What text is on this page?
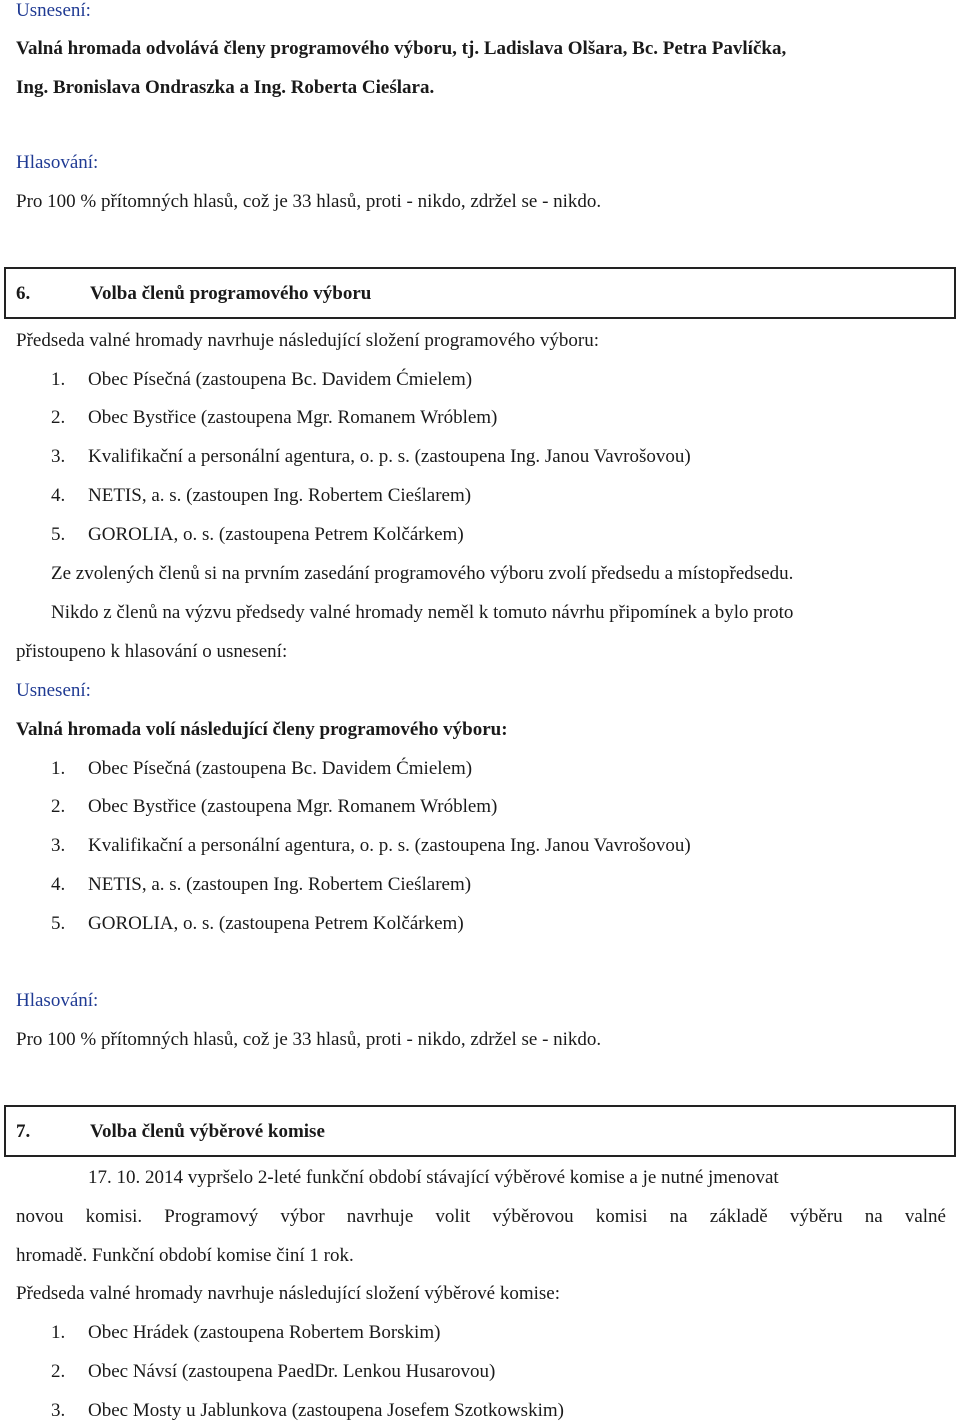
Usnesení:
Valná hromada odvolává členy programového výboru, tj. Ladislava Olšara, Bc. Petra Pavlíčka,
Ing. Bronislava Ondraszka a Ing. Roberta Cieślara.
Hlasování:
Pro 100 % přítomných hlasů, což je 33 hlasů, proti - nikdo, zdržel se - nikdo.
6.	Volba členů programového výboru
Předseda valné hromady navrhuje následující složení programového výboru:
1. Obec Písečná (zastoupena Bc. Davidem Ćmielem)
2. Obec Bystřice (zastoupena Mgr. Romanem Wróblem)
3. Kvalifikační a personální agentura, o. p. s. (zastoupena Ing. Janou Vavrošovou)
4. NETIS, a. s. (zastoupen Ing. Robertem Cieślarem)
5. GOROLIA, o. s. (zastoupena Petrem Kolčárkem)
Ze zvolených členů si na prvním zasedání programového výboru zvolí předsedu a místopředsedu.
Nikdo z členů na výzvu předsedy valné hromady neměl k tomuto návrhu připomínek a bylo proto
přistoupeno k hlasování o usnesení:
Usnesení:
Valná hromada volí následující členy programového výboru:
1. Obec Písečná (zastoupena Bc. Davidem Ćmielem)
2. Obec Bystřice (zastoupena Mgr. Romanem Wróblem)
3. Kvalifikační a personální agentura, o. p. s. (zastoupena Ing. Janou Vavrošovou)
4. NETIS, a. s. (zastoupen Ing. Robertem Cieślarem)
5. GOROLIA, o. s. (zastoupena Petrem Kolčárkem)
Hlasování:
Pro 100 % přítomných hlasů, což je 33 hlasů, proti - nikdo, zdržel se - nikdo.
7.	Volba členů výběrové komise
17. 10. 2014 vypršelo 2-leté funkční období stávající výběrové komise a je nutné jmenovat
novou komisi. Programový výbor navrhuje volit výběrovou komisi na základě výběru na valné
hromadě. Funkční období komise činí 1 rok.
Předseda valné hromady navrhuje následující složení výběrové komise:
1. Obec Hrádek (zastoupena Robertem Borskim)
2. Obec Návsí (zastoupena PaedDr. Lenkou Husarovou)
3. Obec Mosty u Jablunkova (zastoupena Josefem Szotkowskim)
